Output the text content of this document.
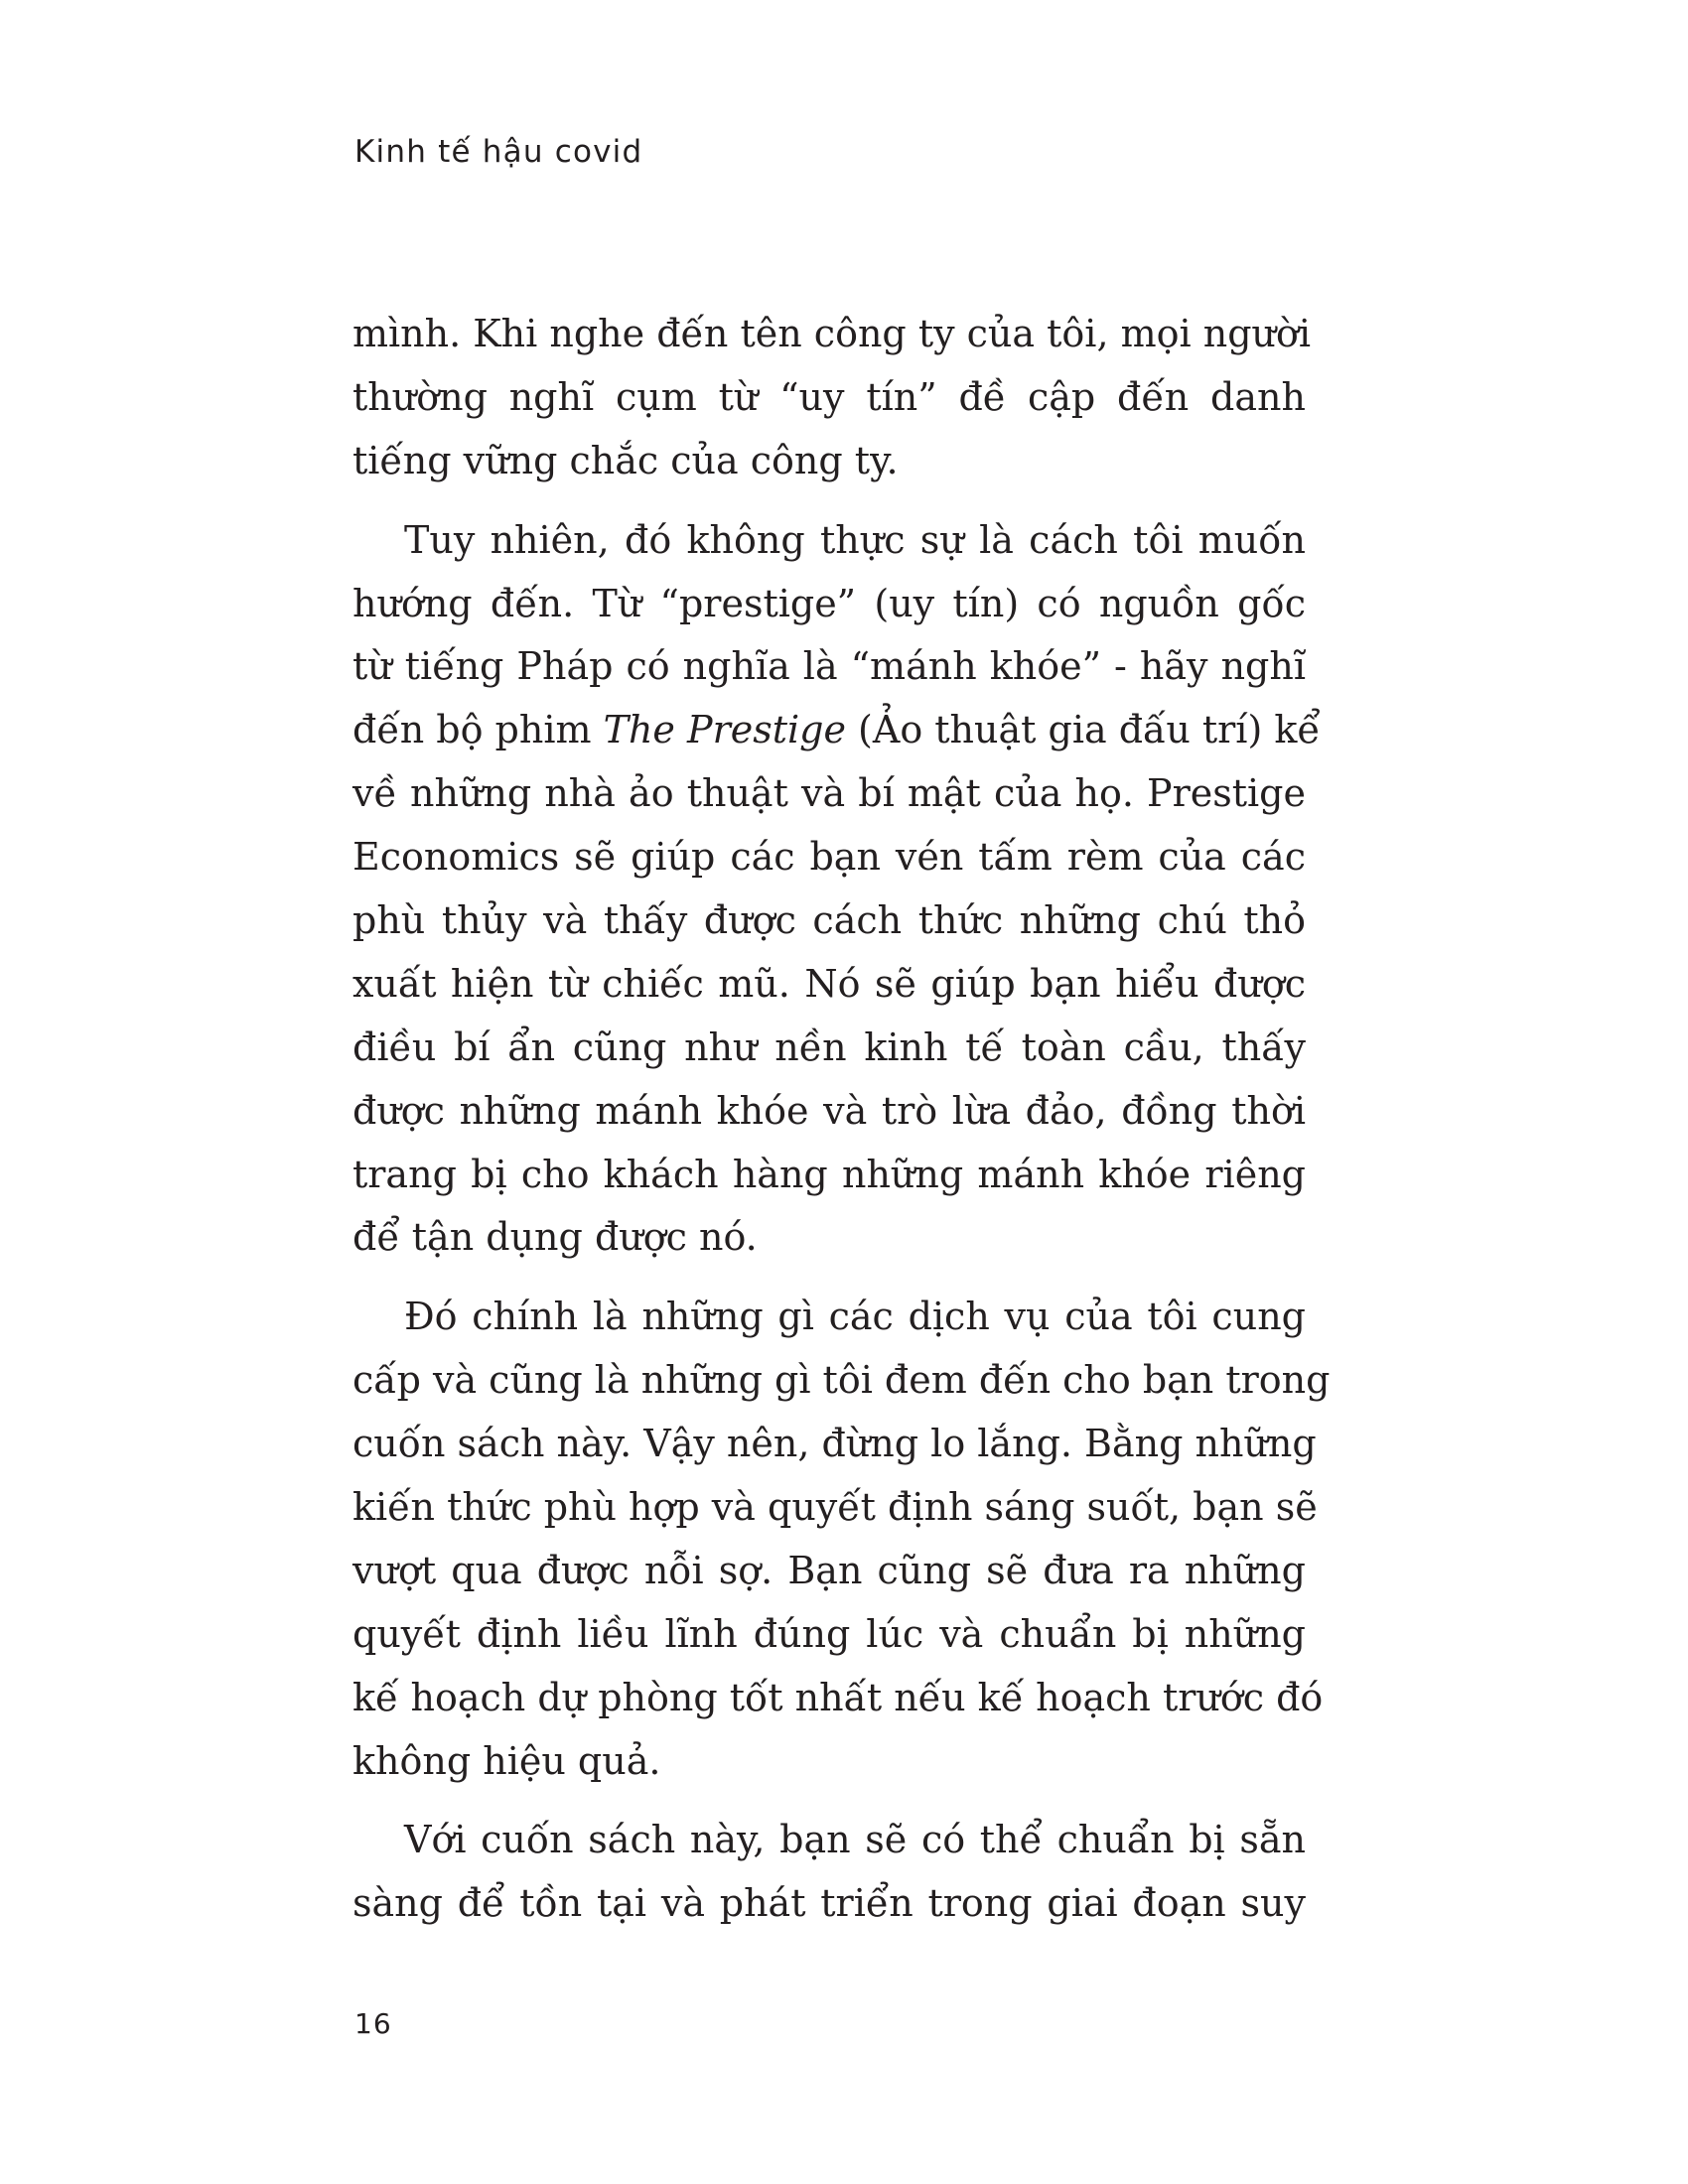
Kinh tế hậu covid

mình. Khi nghe đến tên công ty của tôi, mọi người
thường nghĩ cụm từ “uy tín” đề cập đến danh
tiếng vững chắc của công ty.

Tuy nhiên, đó không thực sự là cách tôi muốn
hướng đến. Từ “prestige” (uy tín) có nguồn gốc
từ tiếng Pháp có nghĩa là “mánh khóe” - hãy nghĩ
đến bộ phim The Prestige (Ảo thuật gia đấu trí) kể
về những nhà ảo thuật và bí mật của họ. Prestige
Economics sẽ giúp các bạn vén tấm rèm của các
phù thủy và thấy được cách thức những chú thỏ
xuất hiện từ chiếc mũ. Nó sẽ giúp bạn hiểu được
điều bí ẩn cũng như nền kinh tế toàn cầu, thấy
được những mánh khóe và trò lừa đảo, đồng thời
trang bị cho khách hàng những mánh khóe riêng
để tận dụng được nó.

Đó chính là những gì các dịch vụ của tôi cung
cấp và cũng là những gì tôi đem đến cho bạn trong
cuốn sách này. Vậy nên, đừng lo lắng. Bằng những
kiến thức phù hợp và quyết định sáng suốt, bạn sẽ
vượt qua được nỗi sợ. Bạn cũng sẽ đưa ra những
quyết định liều lĩnh đúng lúc và chuẩn bị những
kế hoạch dự phòng tốt nhất nếu kế hoạch trước đó
không hiệu quả.

Với cuốn sách này, bạn sẽ có thể chuẩn bị sẵn
sàng để tồn tại và phát triển trong giai đoạn suy

16
